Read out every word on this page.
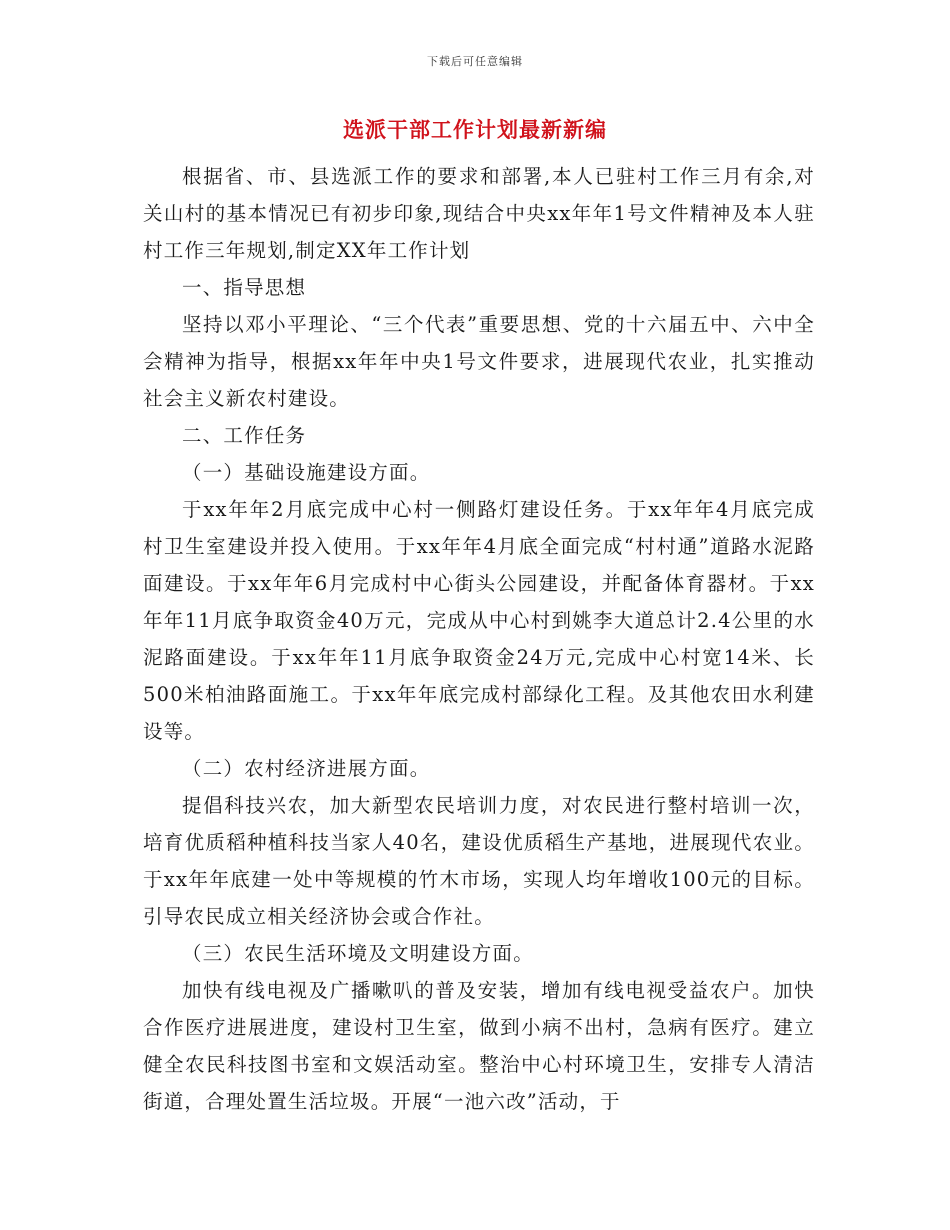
下载后可任意编辑
选派干部工作计划最新新编

根据省、市、县选派工作的要求和部署,本人已驻村工作三月有余,对关山村的基本情况已有初步印象,现结合中央xx年年1号文件精神及本人驻村工作三年规划,制定XX年工作计划

一、指导思想

坚持以邓小平理论、“三个代表”重要思想、党的十六届五中、六中全会精神为指导，根据xx年年中央1号文件要求，进展现代农业，扎实推动社会主义新农村建设。

二、工作任务

（一）基础设施建设方面。

于xx年年2月底完成中心村一侧路灯建设任务。于xx年年4月底完成村卫生室建设并投入使用。于xx年年4月底全面完成“村村通”道路水泥路面建设。于xx年年6月完成村中心街头公园建设，并配备体育器材。于xx年年11月底争取资金40万元，完成从中心村到姚李大道总计2.4公里的水泥路面建设。于xx年年11月底争取资金24万元,完成中心村宽14米、长500米柏油路面施工。于xx年年底完成村部绿化工程。及其他农田水利建设等。

（二）农村经济进展方面。

提倡科技兴农，加大新型农民培训力度，对农民进行整村培训一次，培育优质稻种植科技当家人40名，建设优质稻生产基地，进展现代农业。于xx年年底建一处中等规模的竹木市场，实现人均年增收100元的目标。引导农民成立相关经济协会或合作社。

（三）农民生活环境及文明建设方面。

加快有线电视及广播嗽叭的普及安装，增加有线电视受益农户。加快合作医疗进展进度，建设村卫生室，做到小病不出村，急病有医疗。建立健全农民科技图书室和文娱活动室。整治中心村环境卫生，安排专人清洁街道，合理处置生活垃圾。开展“一池六改”活动，于
